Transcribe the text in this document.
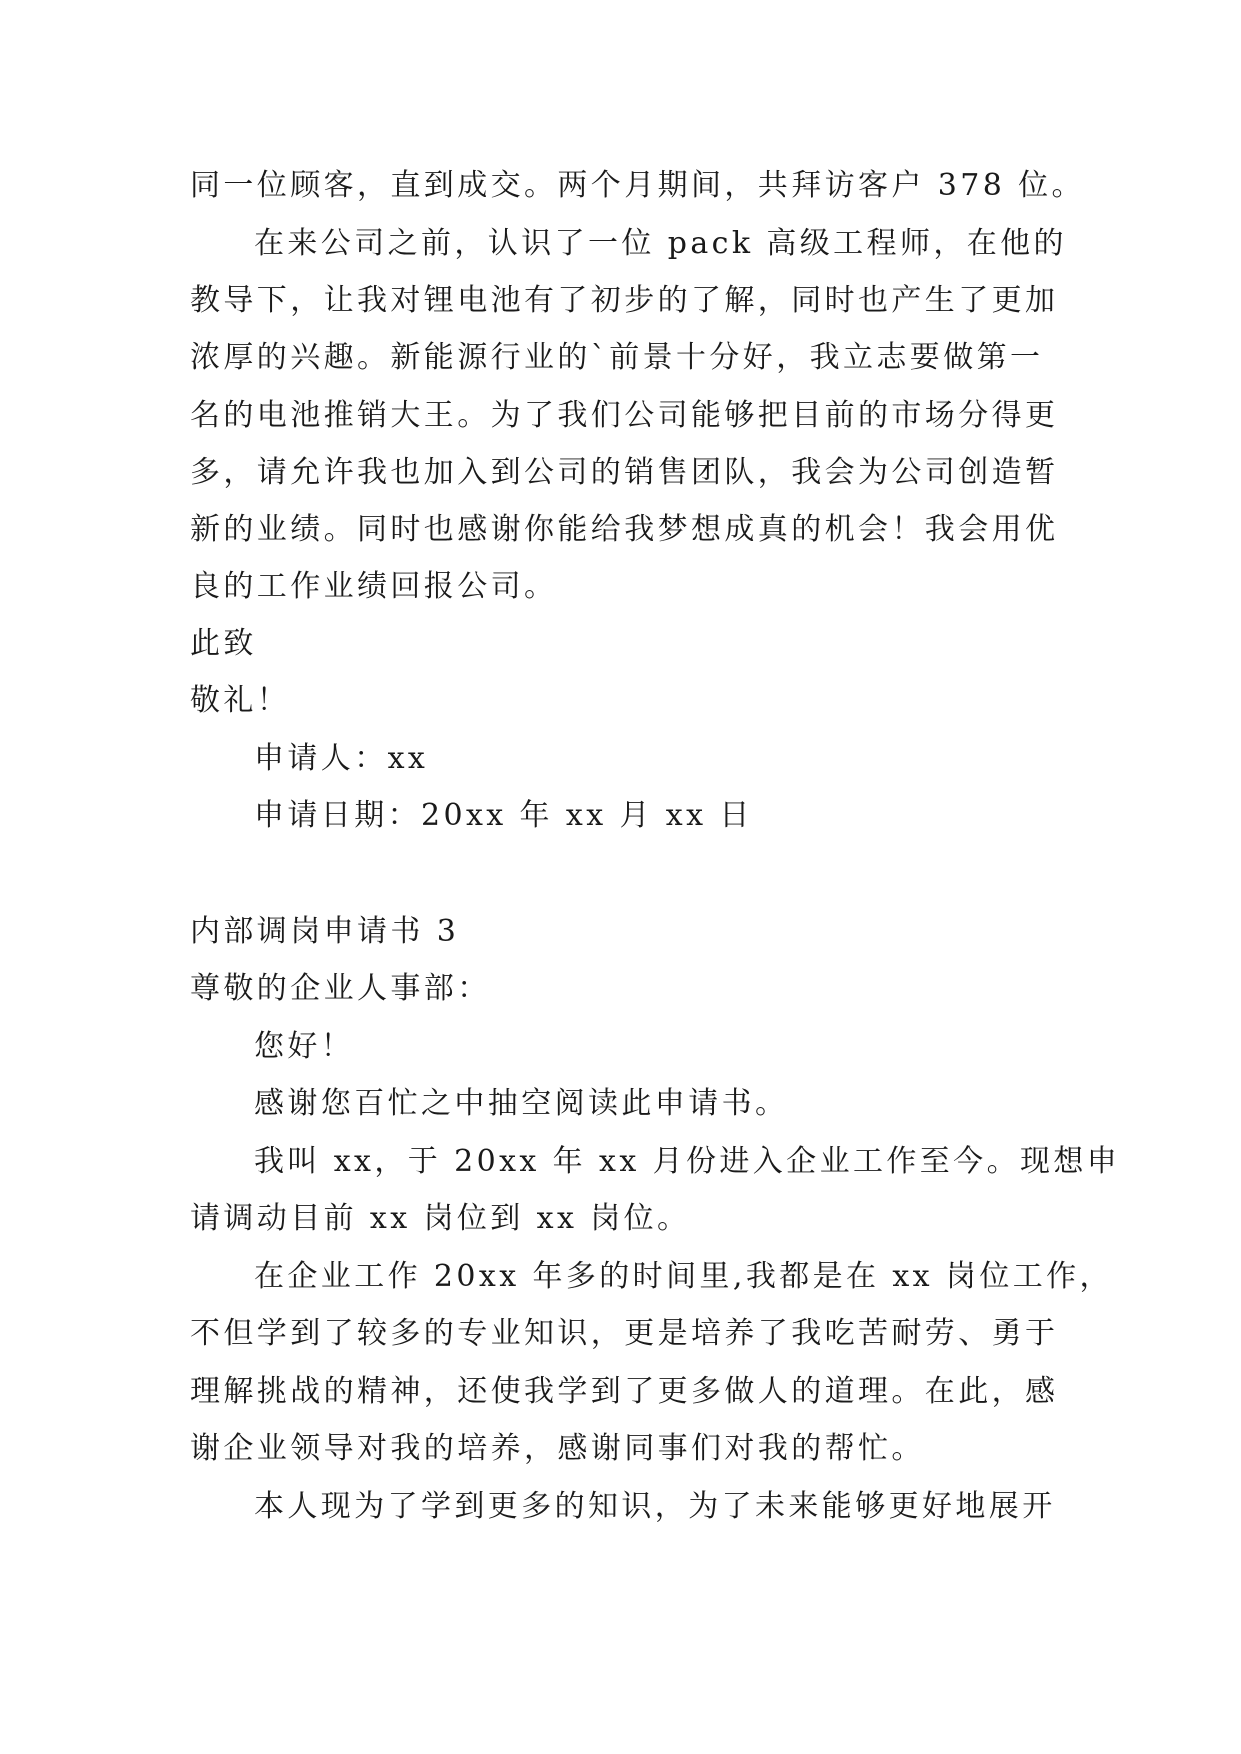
同一位顾客，直到成交。两个月期间，共拜访客户 378 位。
在来公司之前，认识了一位 pack 高级工程师，在他的
教导下，让我对锂电池有了初步的了解，同时也产生了更加
浓厚的兴趣。新能源行业的`前景十分好，我立志要做第一
名的电池推销大王。为了我们公司能够把目前的市场分得更
多，请允许我也加入到公司的销售团队，我会为公司创造暂
新的业绩。同时也感谢你能给我梦想成真的机会！我会用优
良的工作业绩回报公司。
此致
敬礼！
申请人：xx
申请日期：20xx 年 xx 月 xx 日
内部调岗申请书 3
尊敬的企业人事部：
您好！
感谢您百忙之中抽空阅读此申请书。
我叫 xx，于 20xx 年 xx 月份进入企业工作至今。现想申
请调动目前 xx 岗位到 xx 岗位。
在企业工作 20xx 年多的时间里,我都是在 xx 岗位工作，
不但学到了较多的专业知识，更是培养了我吃苦耐劳、勇于
理解挑战的精神，还使我学到了更多做人的道理。在此，感
谢企业领导对我的培养，感谢同事们对我的帮忙。
本人现为了学到更多的知识，为了未来能够更好地展开
